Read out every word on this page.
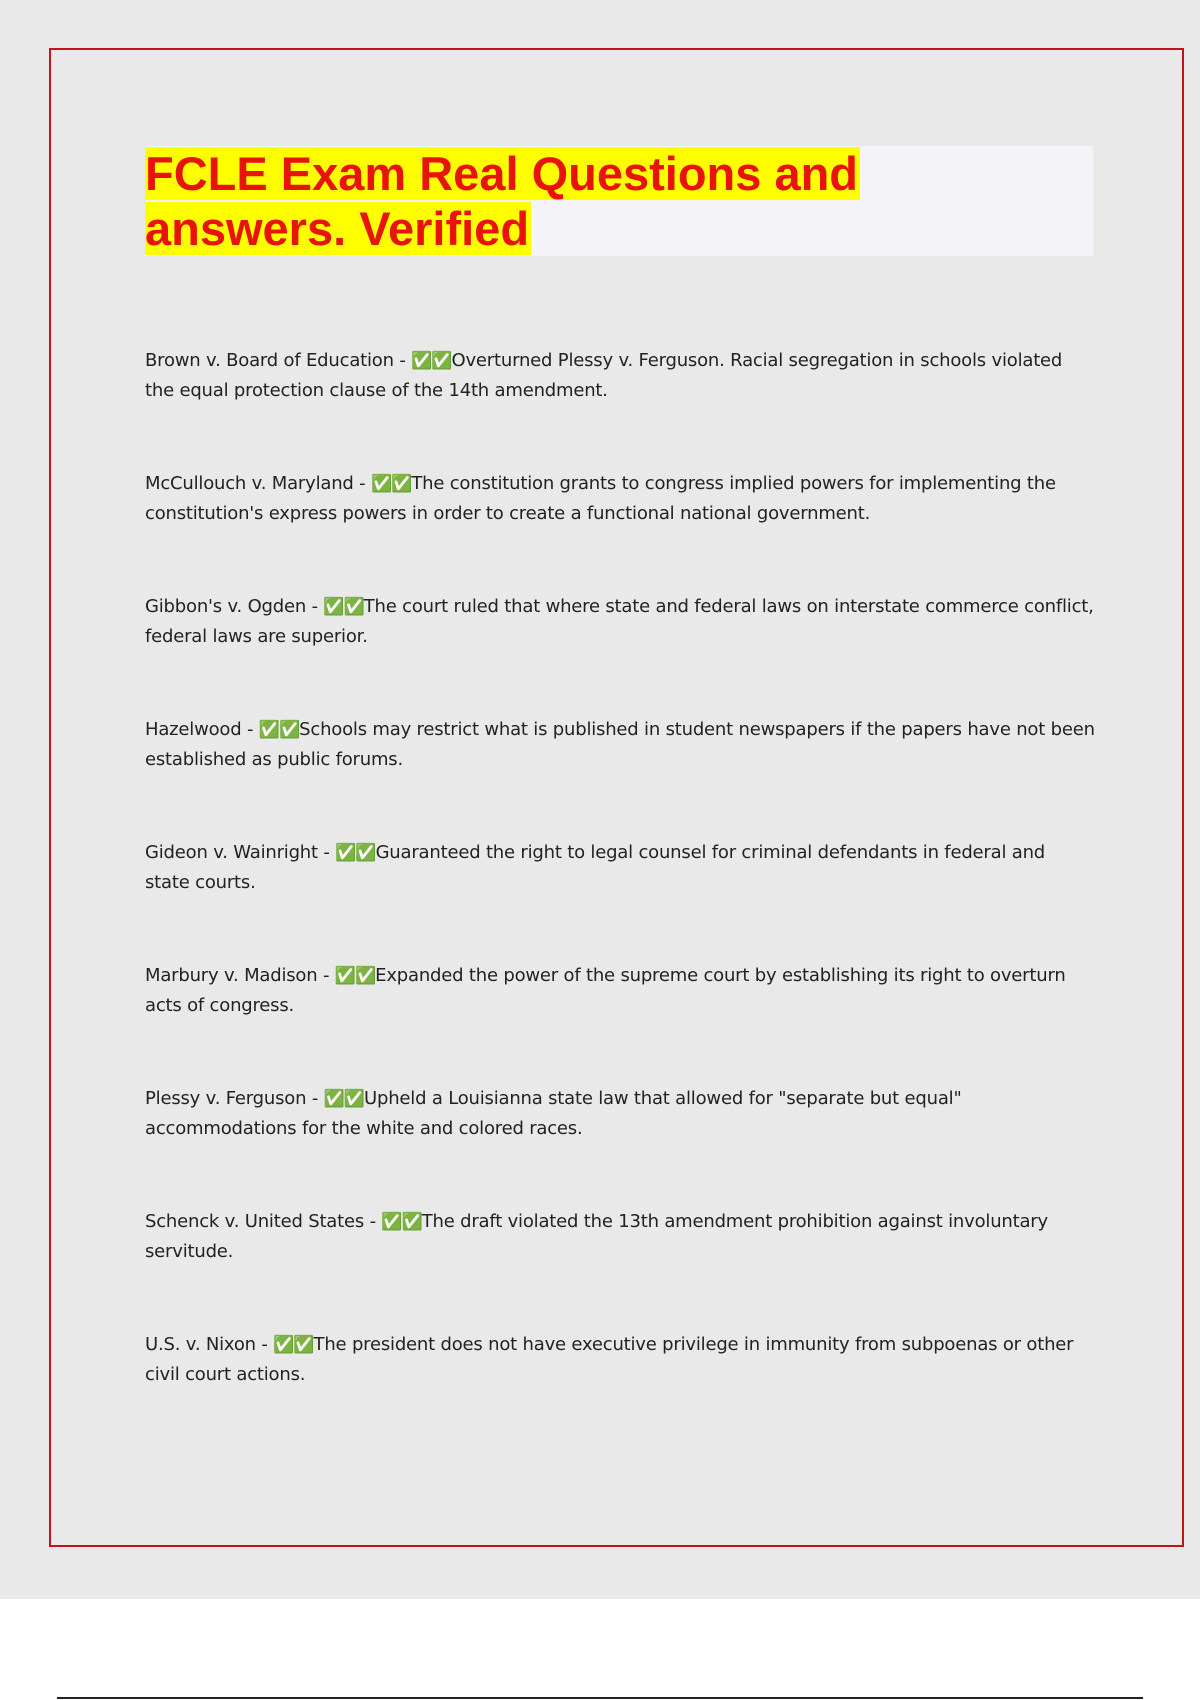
FCLE Exam Real Questions and
answers. Verified
Brown v. Board of Education - ✅✅Overturned Plessy v. Ferguson. Racial segregation in schools violated the equal protection clause of the 14th amendment.
McCullouch v. Maryland - ✅✅The constitution grants to congress implied powers for implementing the constitution's express powers in order to create a functional national government.
Gibbon's v. Ogden - ✅✅The court ruled that where state and federal laws on interstate commerce conflict, federal laws are superior.
Hazelwood - ✅✅Schools may restrict what is published in student newspapers if the papers have not been established as public forums.
Gideon v. Wainright - ✅✅Guaranteed the right to legal counsel for criminal defendants in federal and state courts.
Marbury v. Madison - ✅✅Expanded the power of the supreme court by establishing its right to overturn acts of congress.
Plessy v. Ferguson - ✅✅Upheld a Louisianna state law that allowed for "separate but equal" accommodations for the white and colored races.
Schenck v. United States - ✅✅The draft violated the 13th amendment prohibition against involuntary servitude.
U.S. v. Nixon - ✅✅The president does not have executive privilege in immunity from subpoenas or other civil court actions.
